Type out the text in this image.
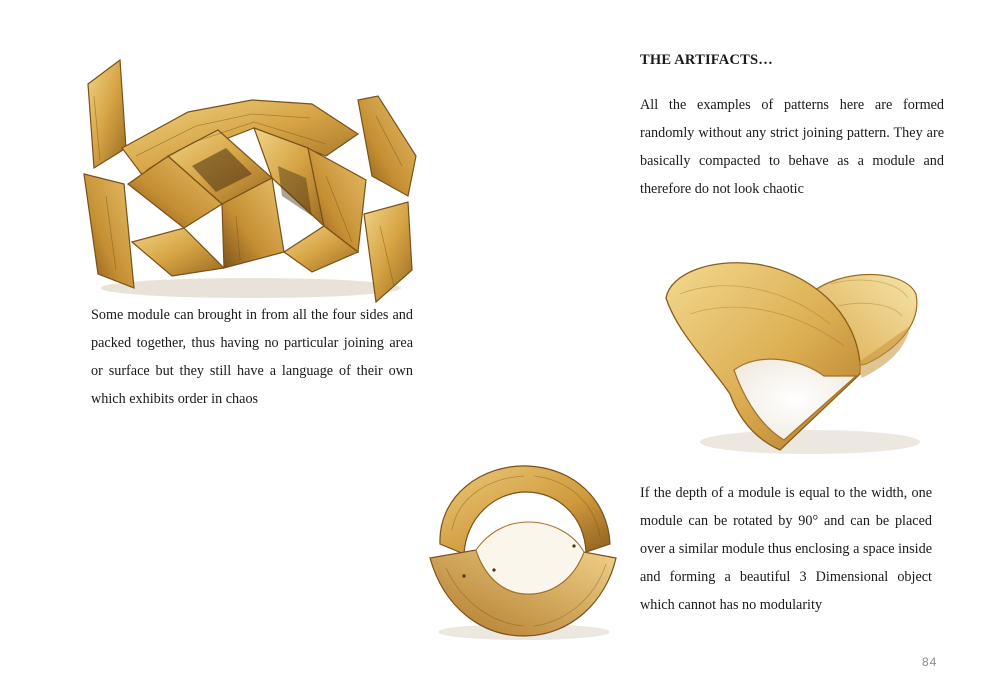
THE ARTIFACTS…

All the examples of patterns here are formed randomly without any strict joining pattern. They are basically compacted to behave as a module and therefore do not look chaotic

Some module can brought in from all the four sides and packed together, thus having no particular joining area or surface but they still have a language of their own which exhibits order in chaos

If the depth of a module is equal to the width, one module can be rotated by 90° and can be placed over a similar module thus enclosing a space inside and forming a beautiful 3 Dimensional object which cannot has no modularity

84
